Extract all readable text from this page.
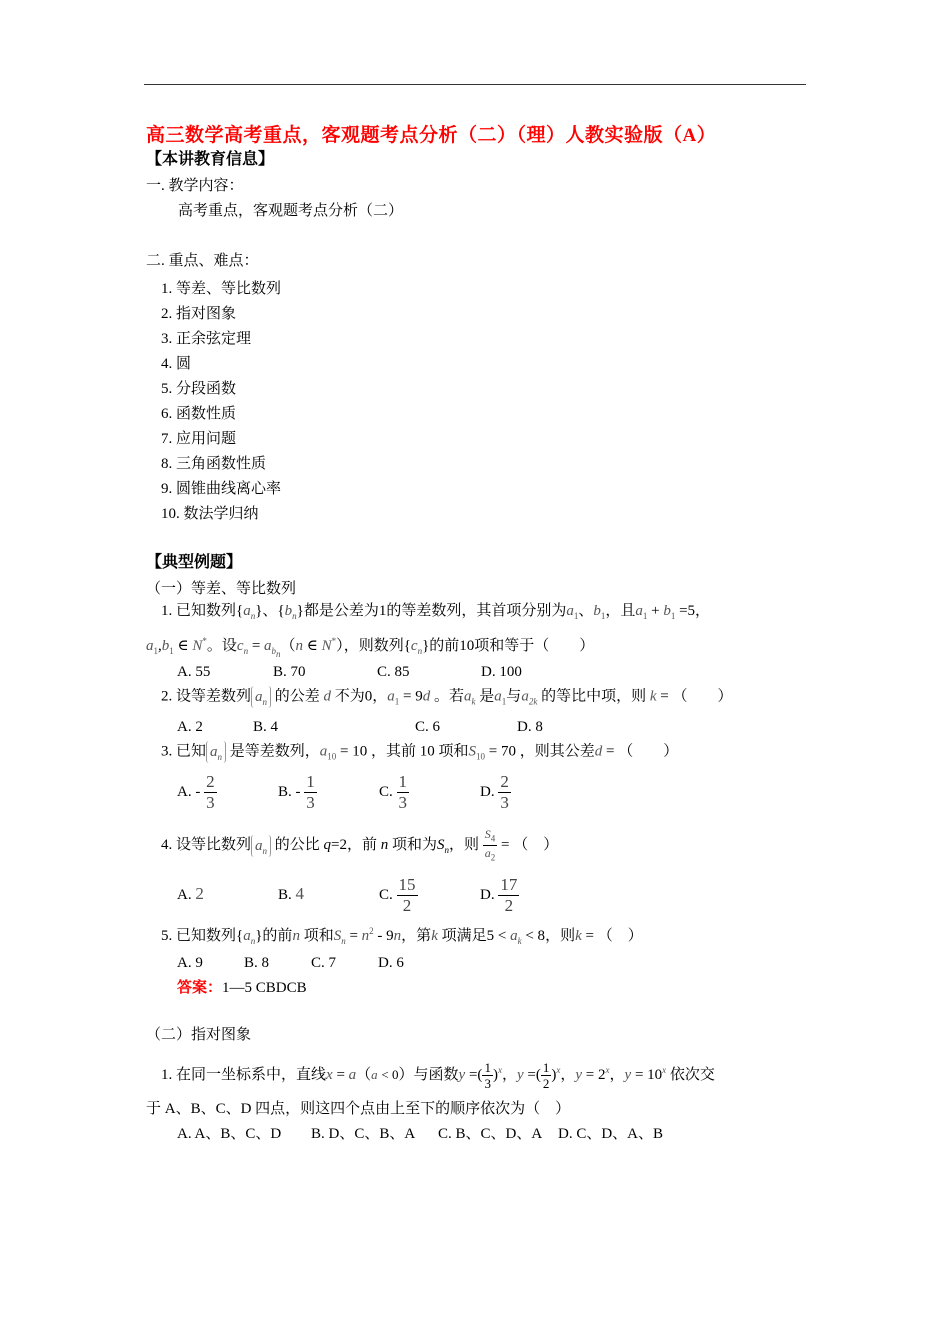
高三数学高考重点，客观题考点分析（二）（理）人教实验版（A）
【本讲教育信息】
一. 教学内容：
高考重点，客观题考点分析（二）
二. 重点、难点：
1. 等差、等比数列
2. 指对图象
3. 正余弦定理
4. 圆
5. 分段函数
6. 函数性质
7. 应用问题
8. 三角函数性质
9. 圆锥曲线离心率
10. 数法学归纳
【典型例题】
（一）等差、等比数列
1. 已知数列$\{a_n\}$、$\{b_n\}$都是公差为1的等差数列，其首项分别为$a_1$、$b_1$，且$a_1 + b_1 =5$，
$a_1,b_1$ ∈ N*。设$c_n = a_{b_n}(n$ ∈ N*），则数列$\{c_n\}$的前10项和等于（　　）
A. 55	B. 70	C. 85	D. 100
2. 设等差数列 $a_n$ 的公差 d 不为0，$a_1 = 9d$ 。若$a_k$ 是$a_1$与$a_{2k}$ 的等比中项，则 k = （　　）
A. 2	B. 4	C. 6	D. 8
3. 已知 $a_n$ 是等差数列，$a_{10} = 10$ ，其前 10 项和$S_{10} = 70$ ，则其公差d = （　　）
A. - $\frac{2}{3}$	B. - $\frac{1}{3}$	C. $\frac{1}{3}$	D. $\frac{2}{3}$
4. 设等比数列 $a_n$ 的公比 q=2，前 n 项和为$S_n$，则 $\frac{S_4}{a_2}$ = （　）
A. 2	B. 4	C. $\frac{15}{2}$	D. $\frac{17}{2}$
5. 已知数列$\{a_n\}$的前n 项和$S_n = n^2 - 9n$，第k 项满足$5 < a_k < 8$，则k = （　）
A. 9	B. 8	C. 7	D. 6
答案：1—5 CBDCB
（二）指对图象
1. 在同一坐标系中，直线x = a（a < 0）与函数y =( $\frac{1}{3} )^x$，y =( $\frac{1}{2} )^x$，$y = 2^x$，$y = 10^x$ 依次交
于 A、B、C、D 四点，则这四个点由上至下的顺序依次为（　）
A. A、B、C、D B. D、C、B、A C. B、C、D、A D. C、D、A、B
